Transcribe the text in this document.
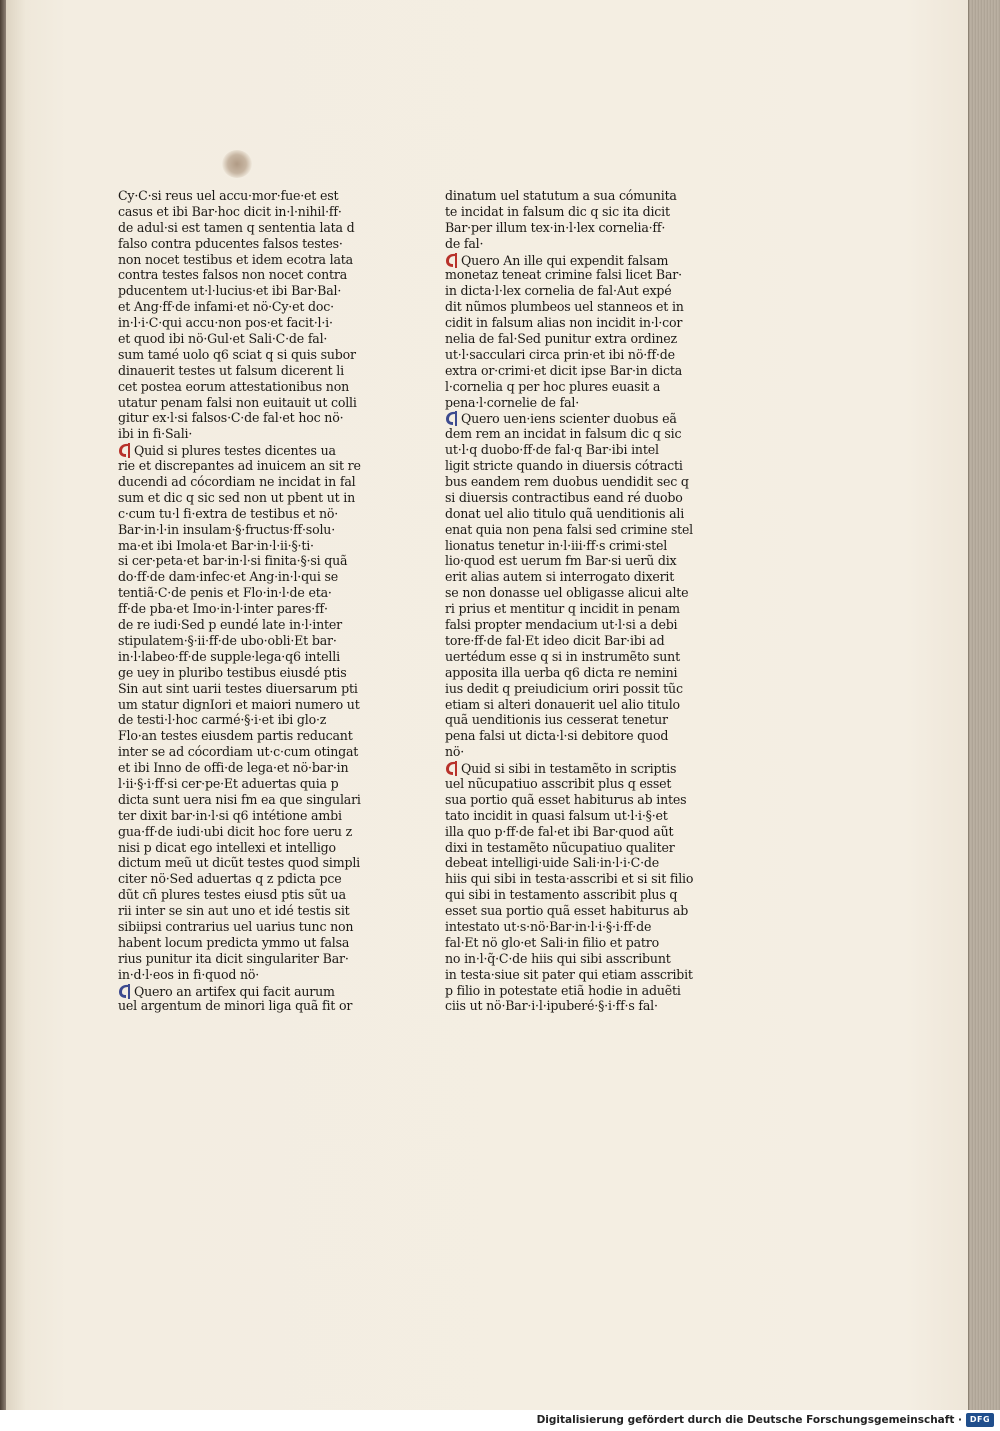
Cy·C·si reus uel accu·mor·fue·et est
casus et ibi Bar·hoc dicit in·l·nihil·ff·
de adul·si est tamen q sententia lata d
falso contra pducentes falsos testes·
non nocet testibus et idem ecotra lata
contra testes falsos non nocet contra
pducentem ut·l·lucius·et ibi Bar·Bal·
et Ang·ff·de infami·et nö·Cy·et doc·
in·l·i·C·qui accu·non pos·et facit·l·i·
et quod ibi nö·Gul·et Sali·C·de fal·
sum tamé uolo q6 sciat q si quis subor
dinauerit testes ut falsum dicerent li
cet postea eorum attestationibus non
utatur penam falsi non euitauit ut colli
gitur ex·l·si falsos·C·de fal·et hoc nö·
ibi in fi·Sali·
Quid si plures testes dicentes ua
rie et discrepantes ad inuicem an sit re
ducendi ad cócordiam ne incidat in fal
sum et dic q sic sed non ut pbent ut in
c·cum tu·l fi·extra de testibus et nö·
Bar·in·l·in insulam·§·fructus·ff·solu·
ma·et ibi Imola·et Bar·in·l·ii·§·ti·
si cer·peta·et bar·in·l·si finita·§·si quã
do·ff·de dam·infec·et Ang·in·l·qui se
tentiã·C·de penis et Flo·in·l·de eta·
ff·de pba·et Imo·in·l·inter pares·ff·
de re iudi·Sed p eundé late in·l·inter
stipulatem·§·ii·ff·de ubo·obli·Et bar·
in·l·labeo·ff·de supple·lega·q6 intelli
ge uey in pluribo testibus eiusdé ptis
Sin aut sint uarii testes diuersarum pti
um statur dignIori et maiori numero ut
de testi·l·hoc carmé·§·i·et ibi glo·z
Flo·an testes eiusdem partis reducant
inter se ad cócordiam ut·c·cum otingat
et ibi Inno de offi·de lega·et nö·bar·in
l·ii·§·i·ff·si cer·pe·Et aduertas quia p
dicta sunt uera nisi fm ea que singulari
ter dixit bar·in·l·si q6 intétione ambi
gua·ff·de iudi·ubi dicit hoc fore ueru z
nisi p dicat ego intellexi et intelligo
dictum meũ ut dicũt testes quod simpli
citer nö·Sed aduertas q z pdicta pce
dũt cñ plures testes eiusd ptis sũt ua
rii inter se sin aut uno et idé testis sit
sibiipsi contrarius uel uarius tunc non
habent locum predicta ymmo ut falsa
rius punitur ita dicit singulariter Bar·
in·d·l·eos in fi·quod nö·
Quero an artifex qui facit aurum
uel argentum de minori liga quã fit or
dinatum uel statutum a sua cómunita
te incidat in falsum dic q sic ita dicit
Bar·per illum tex·in·l·lex cornelia·ff·
de fal·
Quero An ille qui expendit falsam
monetaz teneat crimine falsi licet Bar·
in dicta·l·lex cornelia de fal·Aut expé
dit nũmos plumbeos uel stanneos et in
cidit in falsum alias non incidit in·l·cor
nelia de fal·Sed punitur extra ordinez
ut·l·sacculari circa prin·et ibi nö·ff·de
extra or·crimi·et dicit ipse Bar·in dicta
l·cornelia q per hoc plures euasit a
pena·l·cornelie de fal·
Quero uen·iens scienter duobus eã
dem rem an incidat in falsum dic q sic
ut·l·q duobo·ff·de fal·q Bar·ibi intel
ligit stricte quando in diuersis cótracti
bus eandem rem duobus uendidit sec q
si diuersis contractibus eand ré duobo
donat uel alio titulo quã uenditionis ali
enat quia non pena falsi sed crimine stel
lionatus tenetur in·l·iii·ff·s crimi·stel
lio·quod est uerum fm Bar·si uerũ dix
erit alias autem si interrogato dixerit
se non donasse uel obligasse alicui alte
ri prius et mentitur q incidit in penam
falsi propter mendacium ut·l·si a debi
tore·ff·de fal·Et ideo dicit Bar·ibi ad
uertédum esse q si in instrumẽto sunt
apposita illa uerba q6 dicta re nemini
ius dedit q preiudicium oriri possit tũc
etiam si alteri donauerit uel alio titulo
quã uenditionis ius cesserat tenetur
pena falsi ut dicta·l·si debitore quod
nö·
Quid si sibi in testamẽto in scriptis
uel nũcupatiuo asscribit plus q esset
sua portio quã esset habiturus ab intes
tato incidit in quasi falsum ut·l·i·§·et
illa quo p·ff·de fal·et ibi Bar·quod aũt
dixi in testamẽto nũcupatiuo qualiter
debeat intelligi·uide Sali·in·l·i·C·de
hiis qui sibi in testa·asscribi et si sit filio
qui sibi in testamento asscribit plus q
esset sua portio quã esset habiturus ab
intestato ut·s·nö·Bar·in·l·i·§·i·ff·de
fal·Et nö glo·et Sali·in filio et patro
no in·l·q̃·C·de hiis qui sibi asscribunt
in testa·siue sit pater qui etiam asscribit
p filio in potestate etiã hodie in aduẽti
ciis ut nö·Bar·i·l·ipuberé·§·i·ff·s fal·
Digitalisierung gefördert durch die Deutsche Forschungsgemeinschaft · DFG
